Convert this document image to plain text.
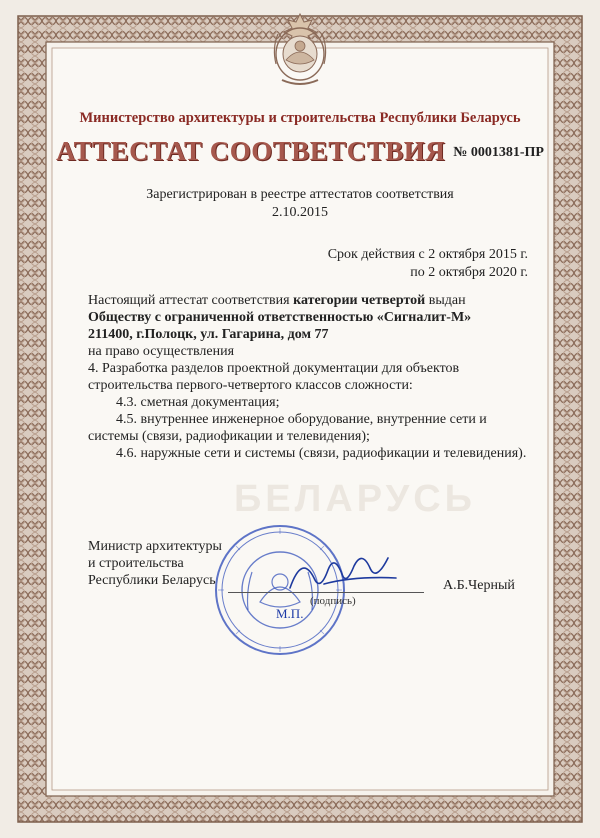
Министерство архитектуры и строительства Республики Беларусь
АТТЕСТАТ СООТВЕТСТВИЯ № 0001381-ПР
Зарегистрирован в реестре аттестатов соответствия
2.10.2015
Срок действия с 2 октября 2015 г.
по 2 октября 2020 г.
БЕЛАРУСЬ
Настоящий аттестат соответствия категории четвертой выдан
Обществу с ограниченной ответственностью «Сигналит-М»
211400, г.Полоцк, ул. Гагарина, дом 77
на право осуществления
4. Разработка разделов проектной документации для объектов строительства первого-четвертого классов сложности:
4.3. сметная документация;
4.5. внутреннее инженерное оборудование, внутренние сети и системы (связи, радиофикации и телевидения);
4.6. наружные сети и системы (связи, радиофикации и телевидения).
Министр архитектуры
и строительства
Республики Беларусь
(подпись)
А.Б.Черный
М.П.
